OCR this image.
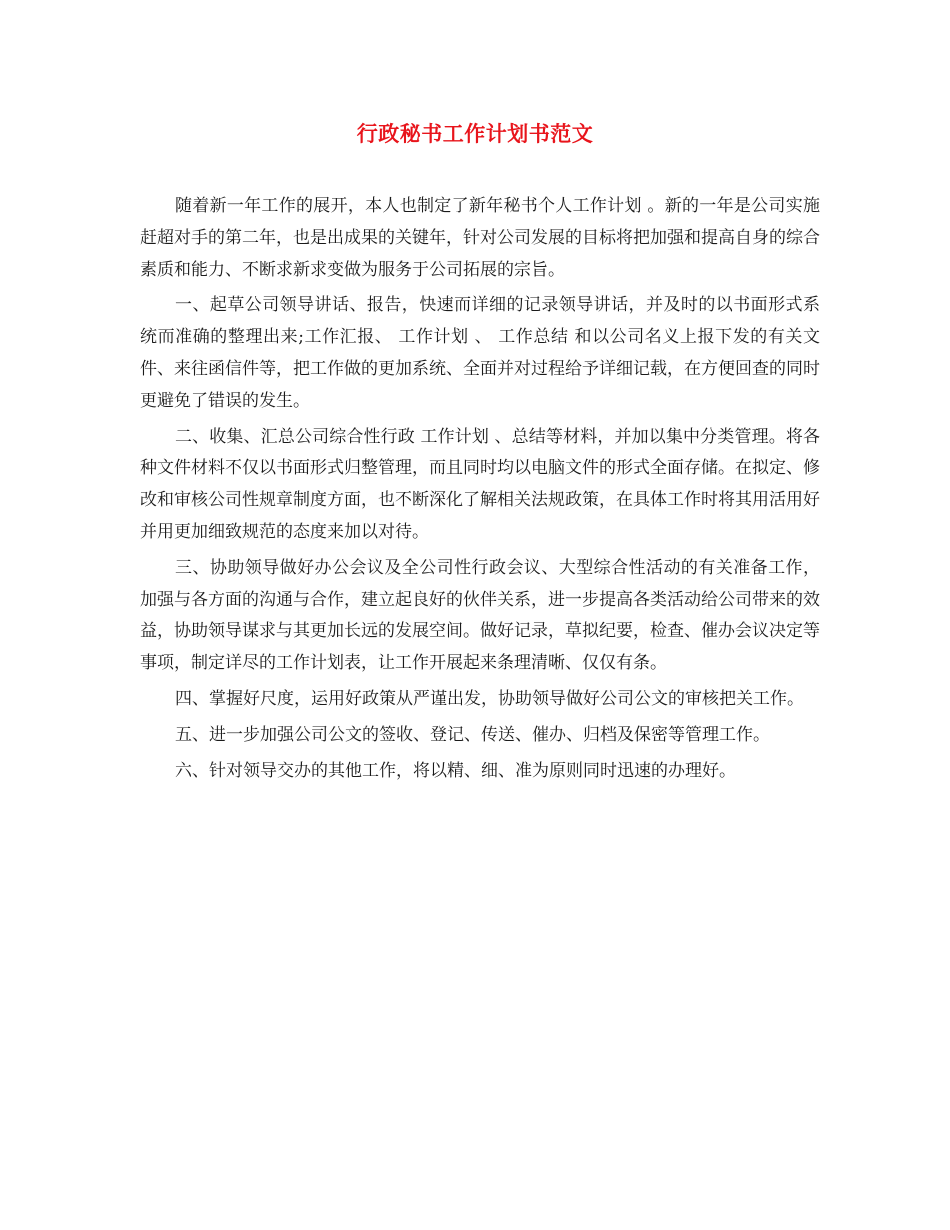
行政秘书工作计划书范文

随着新一年工作的展开，本人也制定了新年秘书个人工作计划 。新的一年是公司实施赶超对手的第二年，也是出成果的关键年，针对公司发展的目标将把加强和提高自身的综合素质和能力、不断求新求变做为服务于公司拓展的宗旨。

一、起草公司领导讲话、报告，快速而详细的记录领导讲话，并及时的以书面形式系统而准确的整理出来;工作汇报、 工作计划 、 工作总结 和以公司名义上报下发的有关文件、来往函信件等，把工作做的更加系统、全面并对过程给予详细记载，在方便回查的同时更避免了错误的发生。

二、收集、汇总公司综合性行政 工作计划 、总结等材料，并加以集中分类管理。将各种文件材料不仅以书面形式归整管理，而且同时均以电脑文件的形式全面存储。在拟定、修改和审核公司性规章制度方面，也不断深化了解相关法规政策，在具体工作时将其用活用好并用更加细致规范的态度来加以对待。

三、协助领导做好办公会议及全公司性行政会议、大型综合性活动的有关准备工作，加强与各方面的沟通与合作，建立起良好的伙伴关系，进一步提高各类活动给公司带来的效益，协助领导谋求与其更加长远的发展空间。做好记录，草拟纪要，检查、催办会议决定等事项，制定详尽的工作计划表，让工作开展起来条理清晰、仅仅有条。

四、掌握好尺度，运用好政策从严谨出发，协助领导做好公司公文的审核把关工作。

五、进一步加强公司公文的签收、登记、传送、催办、归档及保密等管理工作。

六、针对领导交办的其他工作，将以精、细、准为原则同时迅速的办理好。
